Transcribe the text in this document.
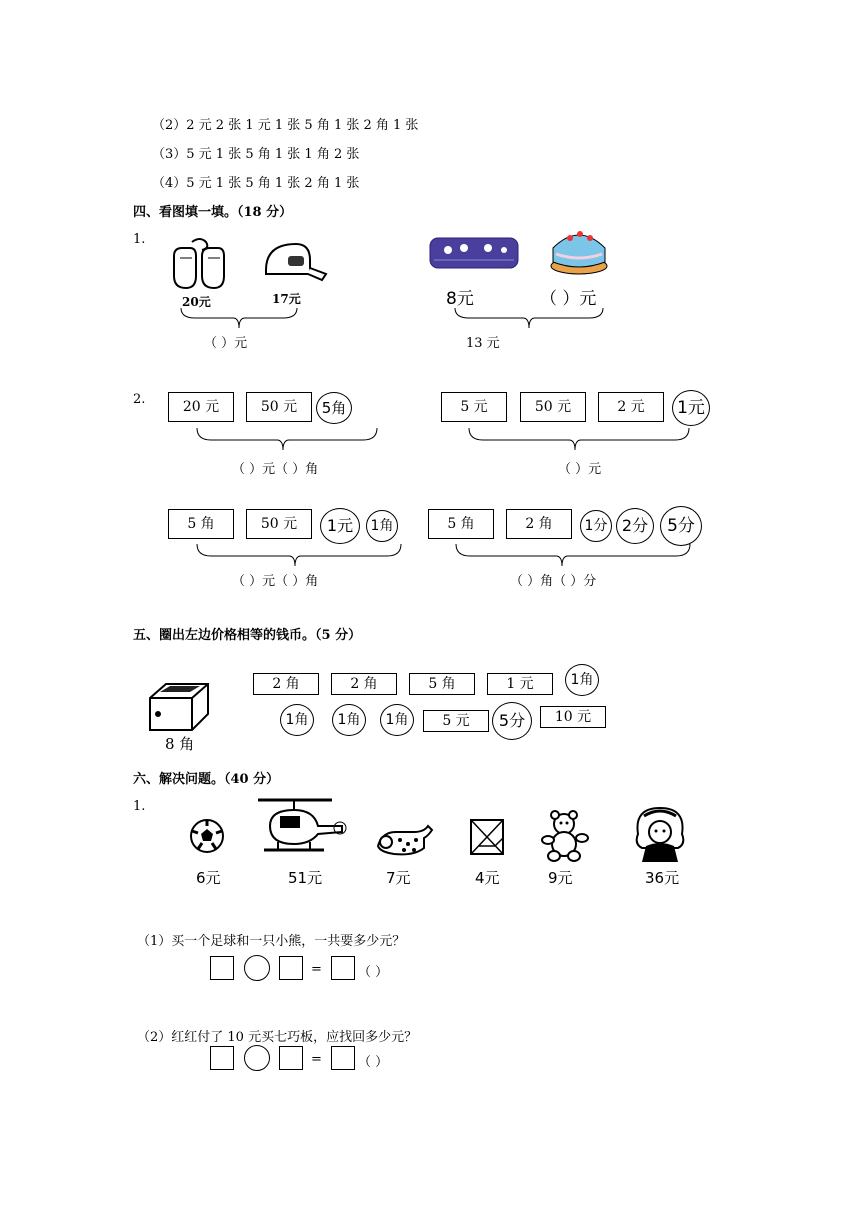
（2）2 元 2 张 1 元 1 张 5 角 1 张 2 角 1 张
（3）5 元 1 张 5 角 1 张 1 角 2 张
（4）5 元 1 张 5 角 1 张 2 角 1 张
四、看图填一填。（18 分）
1.
20元	17元
（ ）元
8元	（ ）元
13 元
2.	20 元	50 元	5角
（ ）元（ ）角
5 元	50 元	2 元	1元
（ ）元
5 角	50 元	1元	1角
（ ）元（ ）角
5 角	2 角	1分 2分	5分
（ ）角（ ）分
五、圈出左边价格相等的钱币。（5 分）
8 角
2 角	2 角	5 角	1 元	1角
1角	1角	1角	5 元	5分	10 元
六、解决问题。（40 分）
1.
6元	51元	7元	4元	9元	36元
（1）买一个足球和一只小熊，一共要多少元？
=	（ ）
（2）红红付了 10 元买七巧板，应找回多少元？
=	（ ）
